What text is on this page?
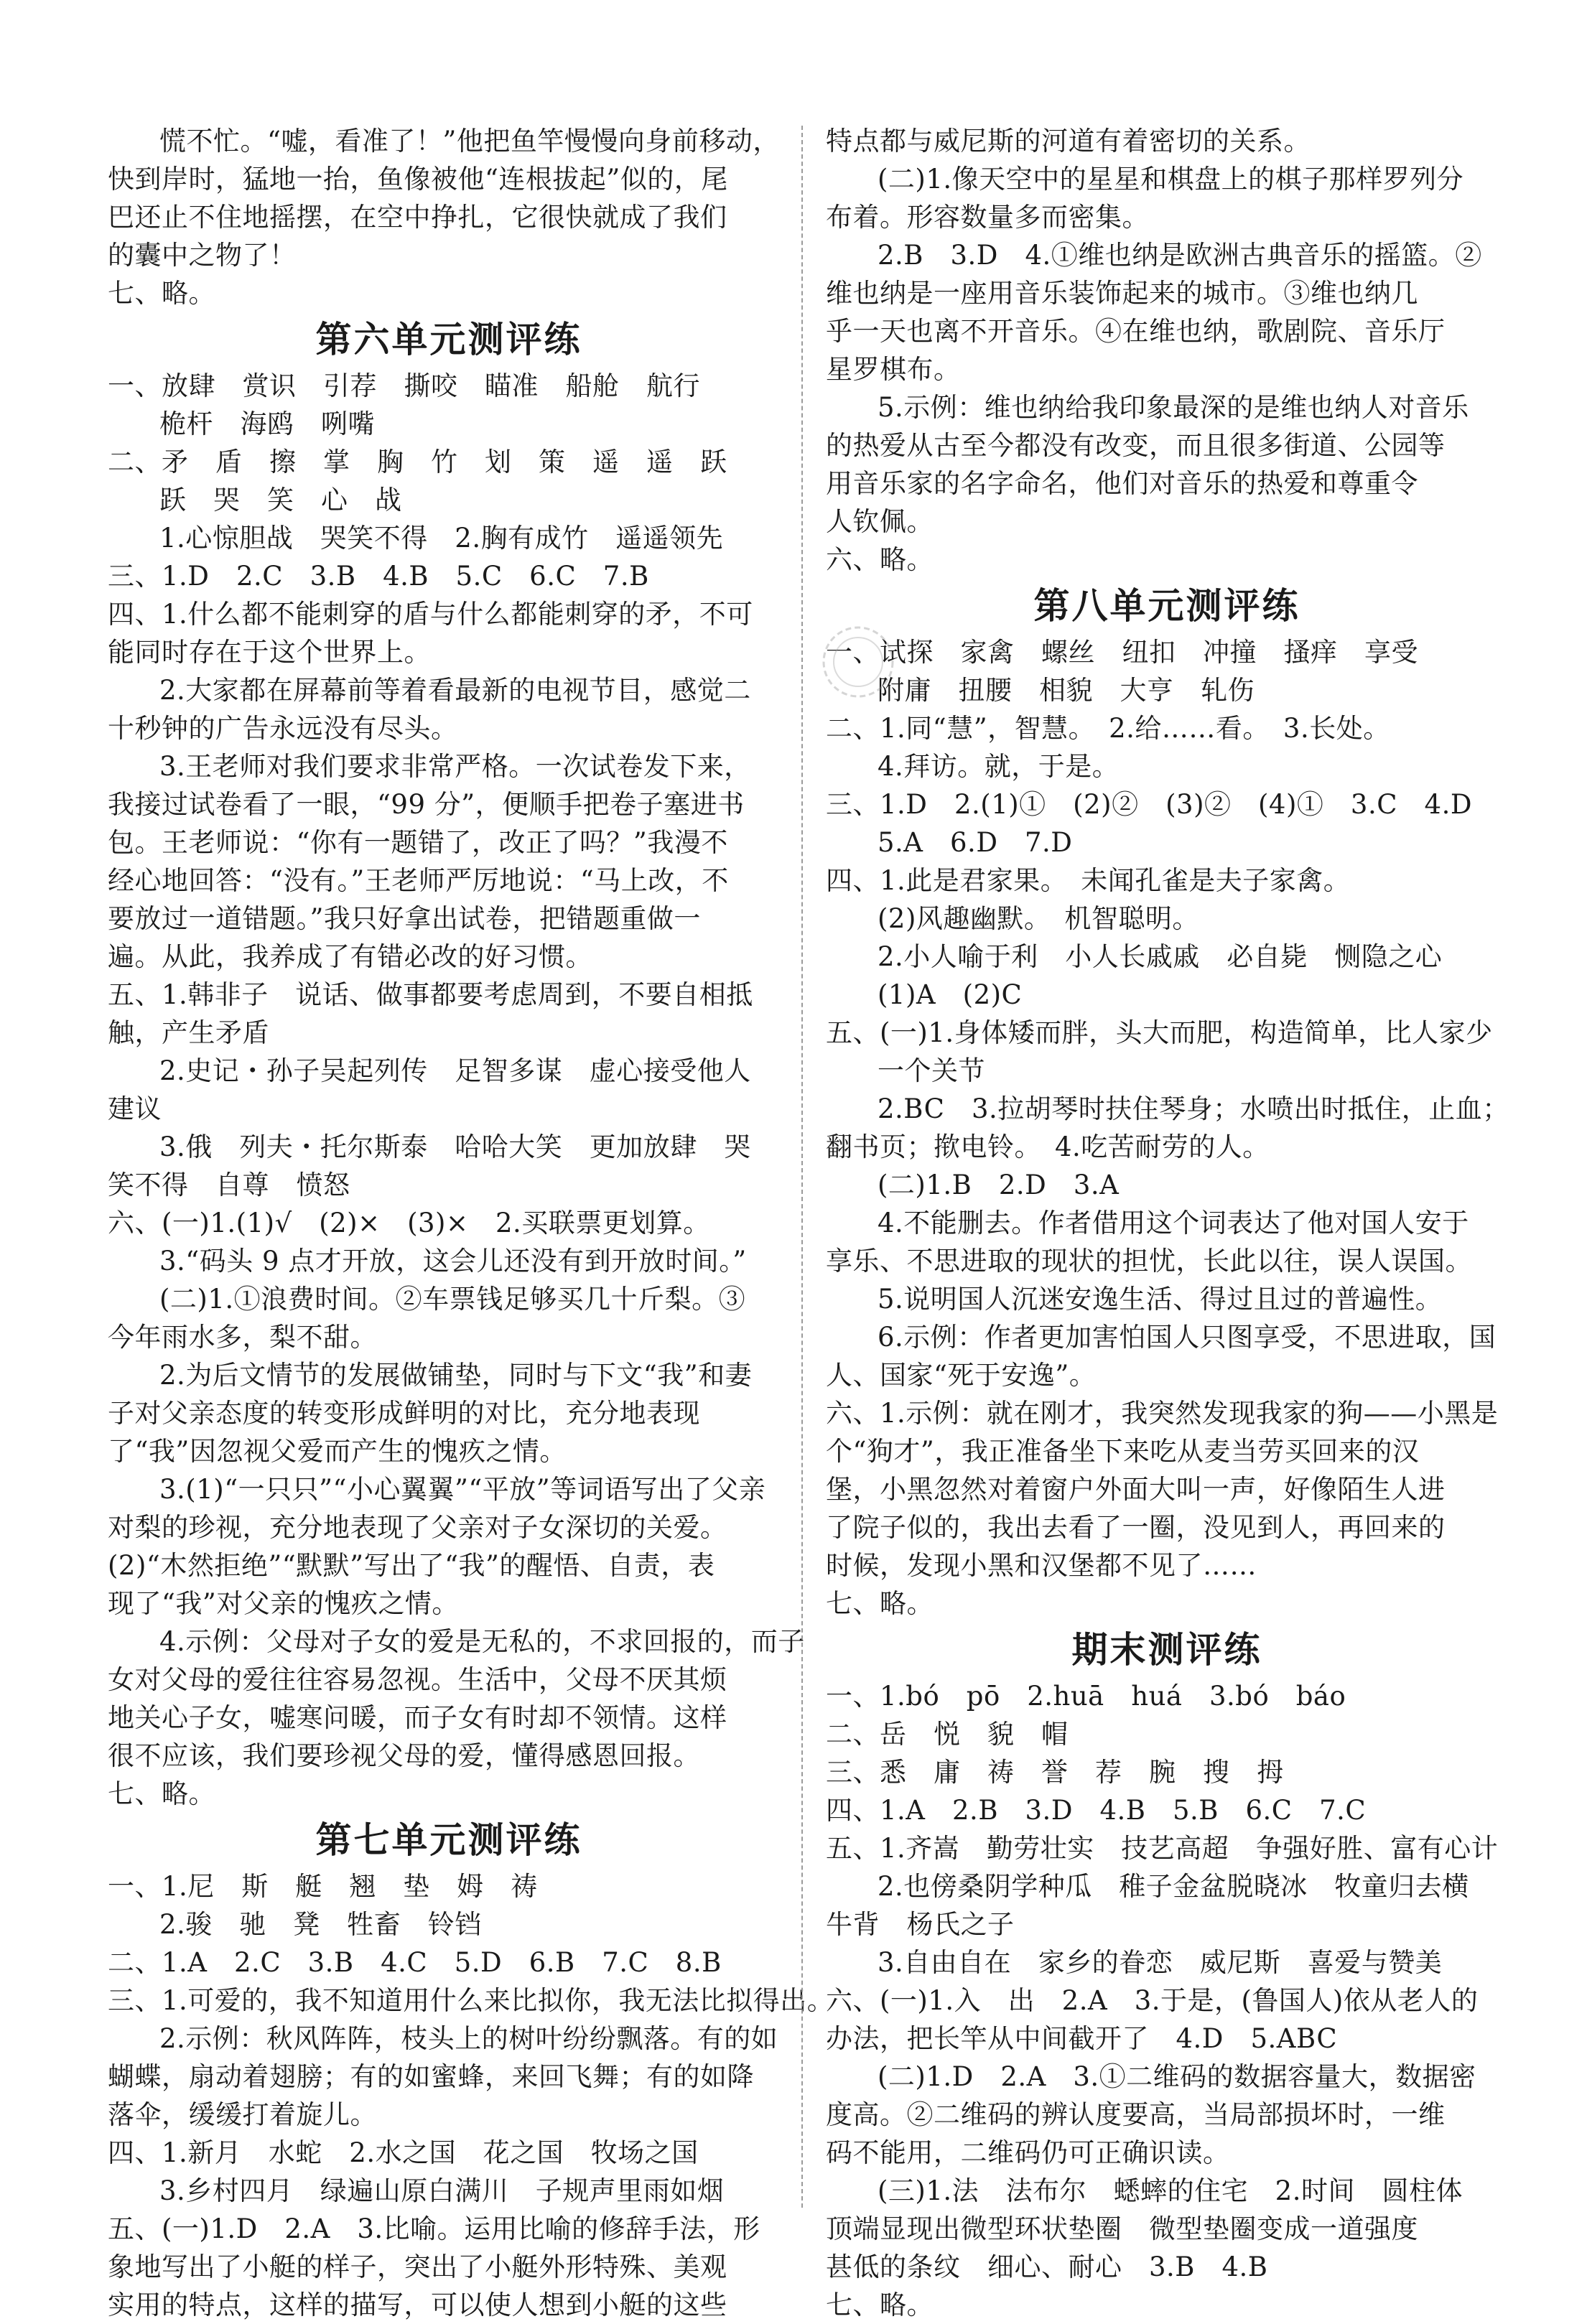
慌不忙。“嘘，看准了！”他把鱼竿慢慢向身前移动，
快到岸时，猛地一抬，鱼像被他“连根拔起”似的，尾
巴还止不住地摇摆，在空中挣扎，它很快就成了我们
的囊中之物了！
七、略。
第六单元测评练
一、放肆　赏识　引荐　撕咬　瞄准　船舱　航行
桅杆　海鸥　咧嘴
二、矛　盾　擦　掌　胸　竹　划　策　遥　遥　跃
跃　哭　笑　心　战
1.心惊胆战　哭笑不得　2.胸有成竹　遥遥领先
三、1.D　2.C　3.B　4.B　5.C　6.C　7.B
四、1.什么都不能刺穿的盾与什么都能刺穿的矛，不可
能同时存在于这个世界上。
2.大家都在屏幕前等着看最新的电视节目，感觉二
十秒钟的广告永远没有尽头。
3.王老师对我们要求非常严格。一次试卷发下来，
我接过试卷看了一眼，“99 分”，便顺手把卷子塞进书
包。王老师说：“你有一题错了，改正了吗？”我漫不
经心地回答：“没有。”王老师严厉地说：“马上改，不
要放过一道错题。”我只好拿出试卷，把错题重做一
遍。从此，我养成了有错必改的好习惯。
五、1.韩非子　说话、做事都要考虑周到，不要自相抵
触，产生矛盾
2.史记・孙子吴起列传　足智多谋　虚心接受他人
建议
3.俄　列夫・托尔斯泰　哈哈大笑　更加放肆　哭
笑不得　自尊　愤怒
六、(一)1.(1)√　(2)×　(3)×　2.买联票更划算。
3.“码头 9 点才开放，这会儿还没有到开放时间。”
(二)1.①浪费时间。②车票钱足够买几十斤梨。③
今年雨水多，梨不甜。
2.为后文情节的发展做铺垫，同时与下文“我”和妻
子对父亲态度的转变形成鲜明的对比，充分地表现
了“我”因忽视父爱而产生的愧疚之情。
3.(1)“一只只”“小心翼翼”“平放”等词语写出了父亲
对梨的珍视，充分地表现了父亲对子女深切的关爱。
(2)“木然拒绝”“默默”写出了“我”的醒悟、自责，表
现了“我”对父亲的愧疚之情。
4.示例：父母对子女的爱是无私的，不求回报的，而子
女对父母的爱往往容易忽视。生活中，父母不厌其烦
地关心子女，嘘寒问暖，而子女有时却不领情。这样
很不应该，我们要珍视父母的爱，懂得感恩回报。
七、略。
第七单元测评练
一、1.尼　斯　艇　翘　垫　姆　祷
2.骏　驰　凳　牲畜　铃铛
二、1.A　2.C　3.B　4.C　5.D　6.B　7.C　8.B
三、1.可爱的，我不知道用什么来比拟你，我无法比拟得出。
2.示例：秋风阵阵，枝头上的树叶纷纷飘落。有的如
蝴蝶，扇动着翅膀；有的如蜜蜂，来回飞舞；有的如降
落伞，缓缓打着旋儿。
四、1.新月　水蛇　2.水之国　花之国　牧场之国
3.乡村四月　绿遍山原白满川　子规声里雨如烟
五、(一)1.D　2.A　3.比喻。运用比喻的修辞手法，形
象地写出了小艇的样子，突出了小艇外形特殊、美观
实用的特点，这样的描写，可以使人想到小艇的这些
特点都与威尼斯的河道有着密切的关系。
(二)1.像天空中的星星和棋盘上的棋子那样罗列分
布着。形容数量多而密集。
2.B　3.D　4.①维也纳是欧洲古典音乐的摇篮。②
维也纳是一座用音乐装饰起来的城市。③维也纳几
乎一天也离不开音乐。④在维也纳，歌剧院、音乐厅
星罗棋布。
5.示例：维也纳给我印象最深的是维也纳人对音乐
的热爱从古至今都没有改变，而且很多街道、公园等
用音乐家的名字命名，他们对音乐的热爱和尊重令
人钦佩。
六、略。
第八单元测评练
一、试探　家禽　螺丝　纽扣　冲撞　搔痒　享受
附庸　扭腰　相貌　大亨　轧伤
二、1.同“慧”，智慧。　2.给……看。　3.长处。
4.拜访。就，于是。
三、1.D　2.(1)①　(2)②　(3)②　(4)①　3.C　4.D
5.A　6.D　7.D
四、1.此是君家果。　未闻孔雀是夫子家禽。
(2)风趣幽默。　机智聪明。
2.小人喻于利　小人长戚戚　必自毙　恻隐之心
(1)A　(2)C
五、(一)1.身体矮而胖，头大而肥，构造简单，比人家少
一个关节
2.BC　3.拉胡琴时扶住琴身；水喷出时抵住，止血；
翻书页；揿电铃。　4.吃苦耐劳的人。
(二)1.B　2.D　3.A
4.不能删去。作者借用这个词表达了他对国人安于
享乐、不思进取的现状的担忧，长此以往，误人误国。
5.说明国人沉迷安逸生活、得过且过的普遍性。
6.示例：作者更加害怕国人只图享受，不思进取，国
人、国家“死于安逸”。
六、1.示例：就在刚才，我突然发现我家的狗——小黑是
个“狗才”，我正准备坐下来吃从麦当劳买回来的汉
堡，小黑忽然对着窗户外面大叫一声，好像陌生人进
了院子似的，我出去看了一圈，没见到人，再回来的
时候，发现小黑和汉堡都不见了……
七、略。
期末测评练
一、1.bó　pō　2.huā　huá　3.bó　báo
二、岳　悦　貌　帽
三、悉　庸　祷　誉　荐　腕　搜　拇
四、1.A　2.B　3.D　4.B　5.B　6.C　7.C
五、1.齐嵩　勤劳壮实　技艺高超　争强好胜、富有心计
2.也傍桑阴学种瓜　稚子金盆脱晓冰　牧童归去横
牛背　杨氏之子
3.自由自在　家乡的眷恋　威尼斯　喜爱与赞美
六、(一)1.入　出　2.A　3.于是，(鲁国人)依从老人的
办法，把长竿从中间截开了　4.D　5.ABC
(二)1.D　2.A　3.①二维码的数据容量大，数据密
度高。②二维码的辨认度要高，当局部损坏时，一维
码不能用，二维码仍可正确识读。
(三)1.法　法布尔　蟋蟀的住宅　2.时间　圆柱体
顶端显现出微型环状垫圈　微型垫圈变成一道强度
甚低的条纹　细心、耐心　3.B　4.B
七、略。
